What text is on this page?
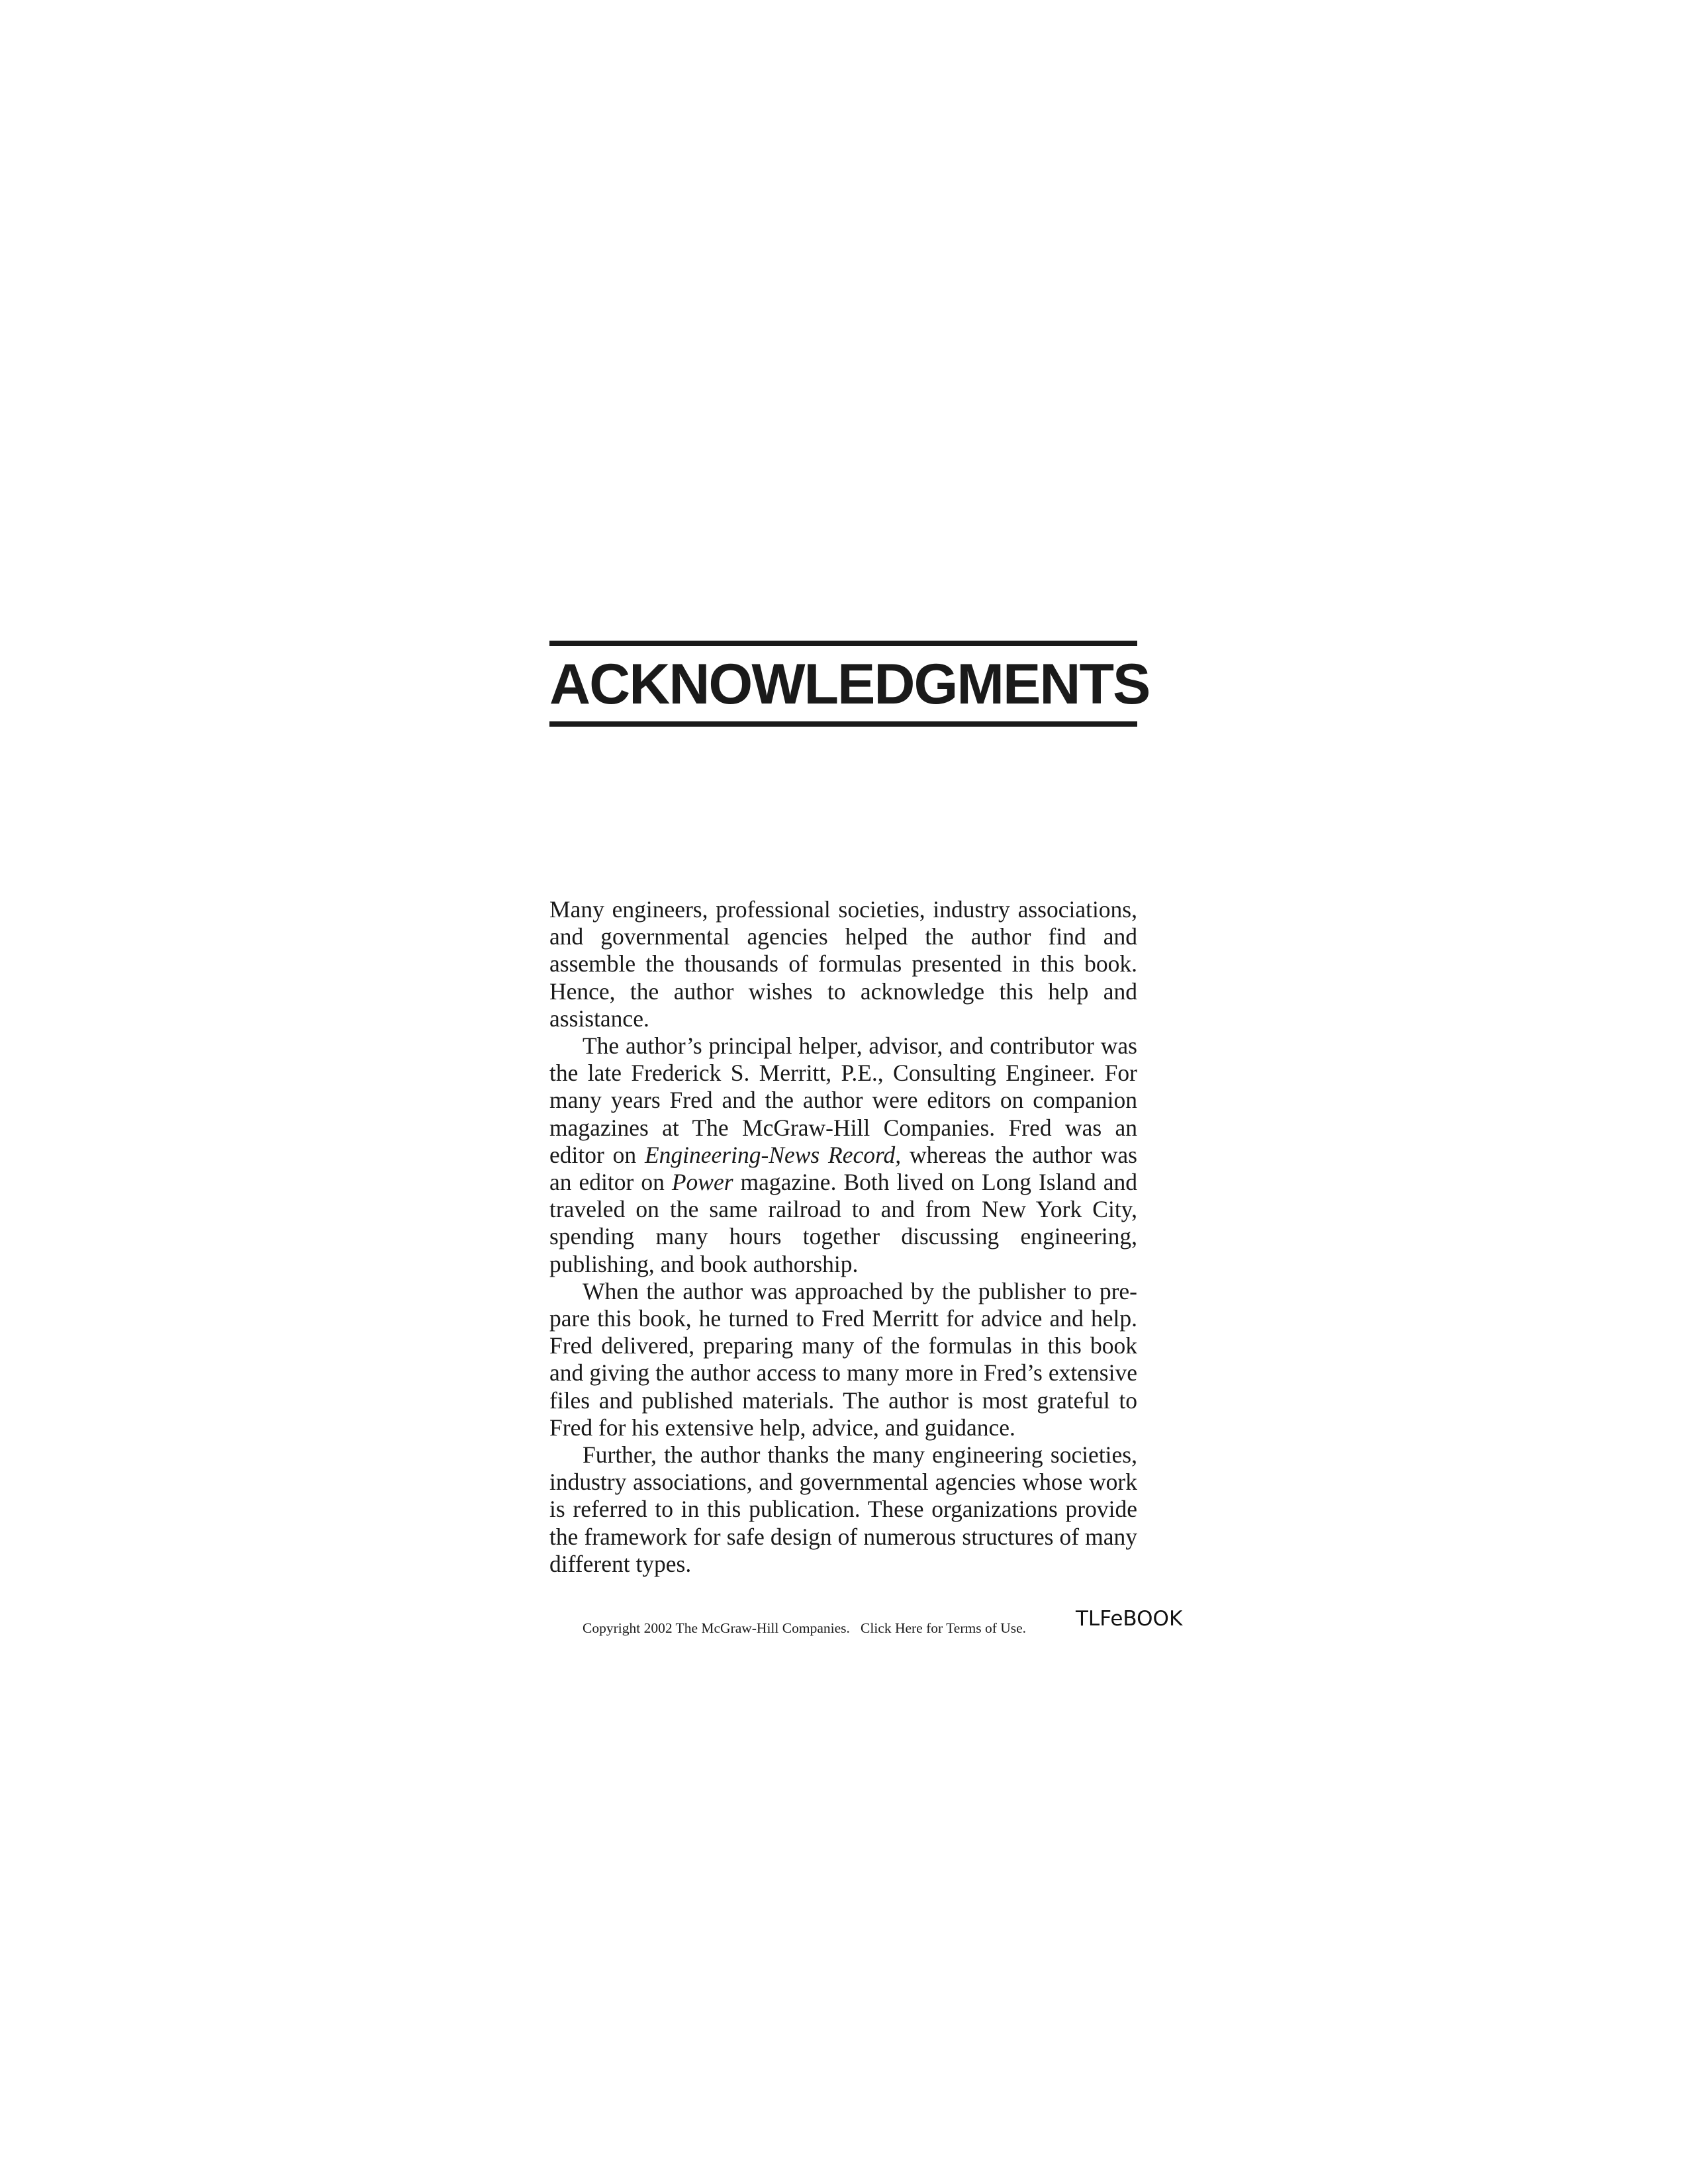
ACKNOWLEDGMENTS

Many engineers, professional societies, industry associations, and governmental agencies helped the author find and assemble the thousands of formulas presented in this book. Hence, the author wishes to acknowledge this help and assistance.

The author’s principal helper, advisor, and contributor was the late Frederick S. Merritt, P.E., Consulting Engineer. For many years Fred and the author were editors on companion magazines at The McGraw-Hill Companies. Fred was an editor on Engineering-News Record, whereas the author was an editor on Power magazine. Both lived on Long Island and traveled on the same railroad to and from New York City, spending many hours together discussing engineering, publishing, and book authorship.

When the author was approached by the publisher to prepare this book, he turned to Fred Merritt for advice and help. Fred delivered, preparing many of the formulas in this book and giving the author access to many more in Fred’s extensive files and published materials. The author is most grateful to Fred for his extensive help, advice, and guidance.

Further, the author thanks the many engineering societies, industry associations, and governmental agencies whose work is referred to in this publication. These organizations provide the framework for safe design of numerous structures of many different types.

Copyright 2002 The McGraw-Hill Companies. Click Here for Terms of Use. TLFeBOOK
